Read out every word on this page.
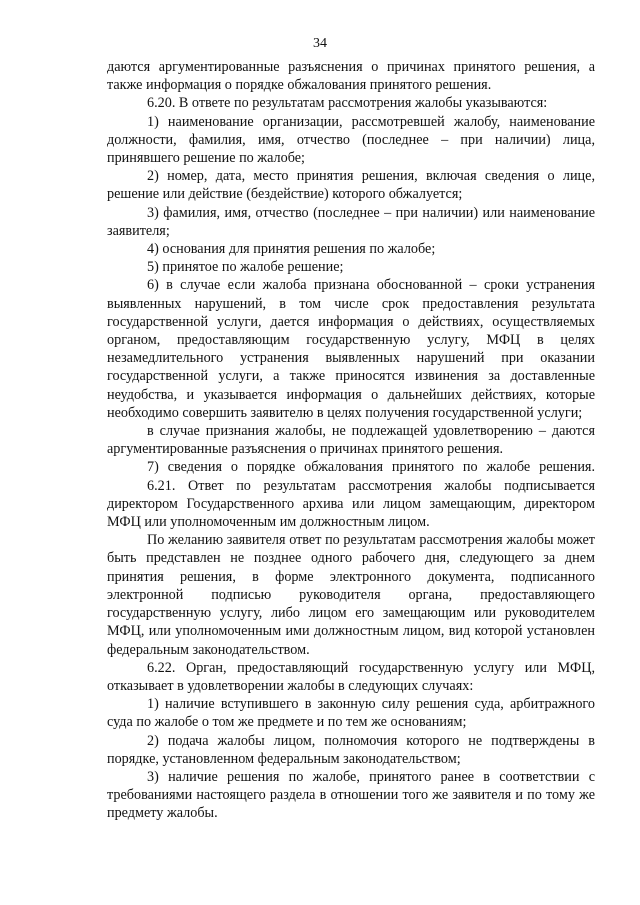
34

даются аргументированные разъяснения о причинах принятого решения, а также информация о порядке обжалования принятого решения.

6.20. В ответе по результатам рассмотрения жалобы указываются:

1) наименование организации, рассмотревшей жалобу, наименование должности, фамилия, имя, отчество (последнее – при наличии) лица, принявшего решение по жалобе;

2) номер, дата, место принятия решения, включая сведения о лице, решение или действие (бездействие) которого обжалуется;

3) фамилия, имя, отчество (последнее – при наличии) или наименование заявителя;

4) основания для принятия решения по жалобе;

5) принятое по жалобе решение;

6) в случае если жалоба признана обоснованной – сроки устранения выявленных нарушений, в том числе срок предоставления результата государственной услуги, дается информация о действиях, осуществляемых органом, предоставляющим государственную услугу, МФЦ в целях незамедлительного устранения выявленных нарушений при оказании государственной услуги, а также приносятся извинения за доставленные неудобства, и указывается информация о дальнейших действиях, которые необходимо совершить заявителю в целях получения государственной услуги;

в случае признания жалобы, не подлежащей удовлетворению – даются аргументированные разъяснения о причинах принятого решения.

7) сведения о порядке обжалования принятого по жалобе решения.

6.21. Ответ по результатам рассмотрения жалобы подписывается директором Государственного архива или лицом замещающим, директором МФЦ или уполномоченным им должностным лицом.

По желанию заявителя ответ по результатам рассмотрения жалобы может быть представлен не позднее одного рабочего дня, следующего за днем принятия решения, в форме электронного документа, подписанного электронной подписью руководителя органа, предоставляющего государственную услугу, либо лицом его замещающим или руководителем МФЦ, или уполномоченным ими должностным лицом, вид которой установлен федеральным законодательством.

6.22. Орган, предоставляющий государственную услугу или МФЦ, отказывает в удовлетворении жалобы в следующих случаях:

1) наличие вступившего в законную силу решения суда, арбитражного суда по жалобе о том же предмете и по тем же основаниям;

2) подача жалобы лицом, полномочия которого не подтверждены в порядке, установленном федеральным законодательством;

3) наличие решения по жалобе, принятого ранее в соответствии с требованиями настоящего раздела в отношении того же заявителя и по тому же предмету жалобы.
